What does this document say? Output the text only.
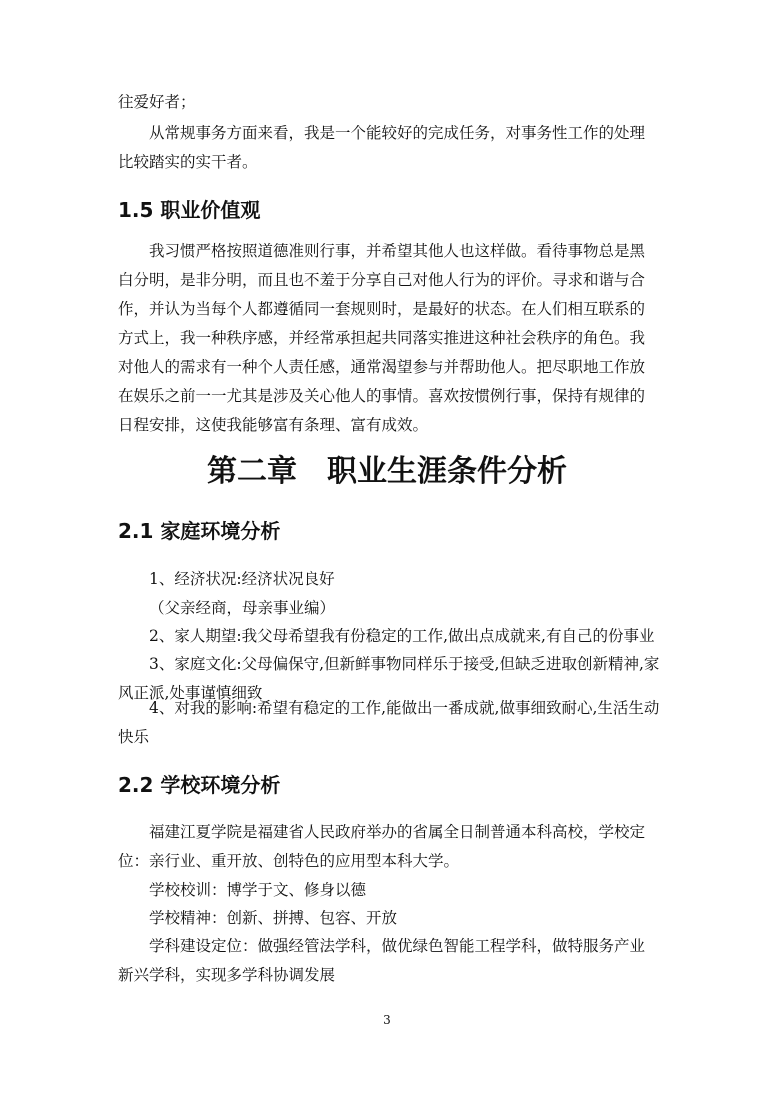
往爱好者；

从常规事务方面来看，我是一个能较好的完成任务，对事务性工作的处理比较踏实的实干者。

1.5 职业价值观

我习惯严格按照道德准则行事，并希望其他人也这样做。看待事物总是黑白分明，是非分明，而且也不羞于分享自己对他人行为的评价。寻求和谐与合作，并认为当每个人都遵循同一套规则时，是最好的状态。在人们相互联系的方式上，我一种秩序感，并经常承担起共同落实推进这种社会秩序的角色。我对他人的需求有一种个人责任感，通常渴望参与并帮助他人。把尽职地工作放在娱乐之前一一尤其是涉及关心他人的事情。喜欢按惯例行事，保持有规律的日程安排，这使我能够富有条理、富有成效。

第二章　职业生涯条件分析
2.1 家庭环境分析

1、经济状况:经济状况良好

（父亲经商，母亲事业编）

2、家人期望:我父母希望我有份稳定的工作,做出点成就来,有自己的份事业

3、家庭文化:父母偏保守,但新鲜事物同样乐于接受,但缺乏进取创新精神,家风正派,处事谨慎细致

4、对我的影响:希望有稳定的工作,能做出一番成就,做事细致耐心,生活生动快乐

2.2 学校环境分析

福建江夏学院是福建省人民政府举办的省属全日制普通本科高校，学校定位：亲行业、重开放、创特色的应用型本科大学。

学校校训：博学于文、修身以德

学校精神：创新、拼搏、包容、开放

学科建设定位：做强经管法学科，做优绿色智能工程学科，做特服务产业新兴学科，实现多学科协调发展

3
